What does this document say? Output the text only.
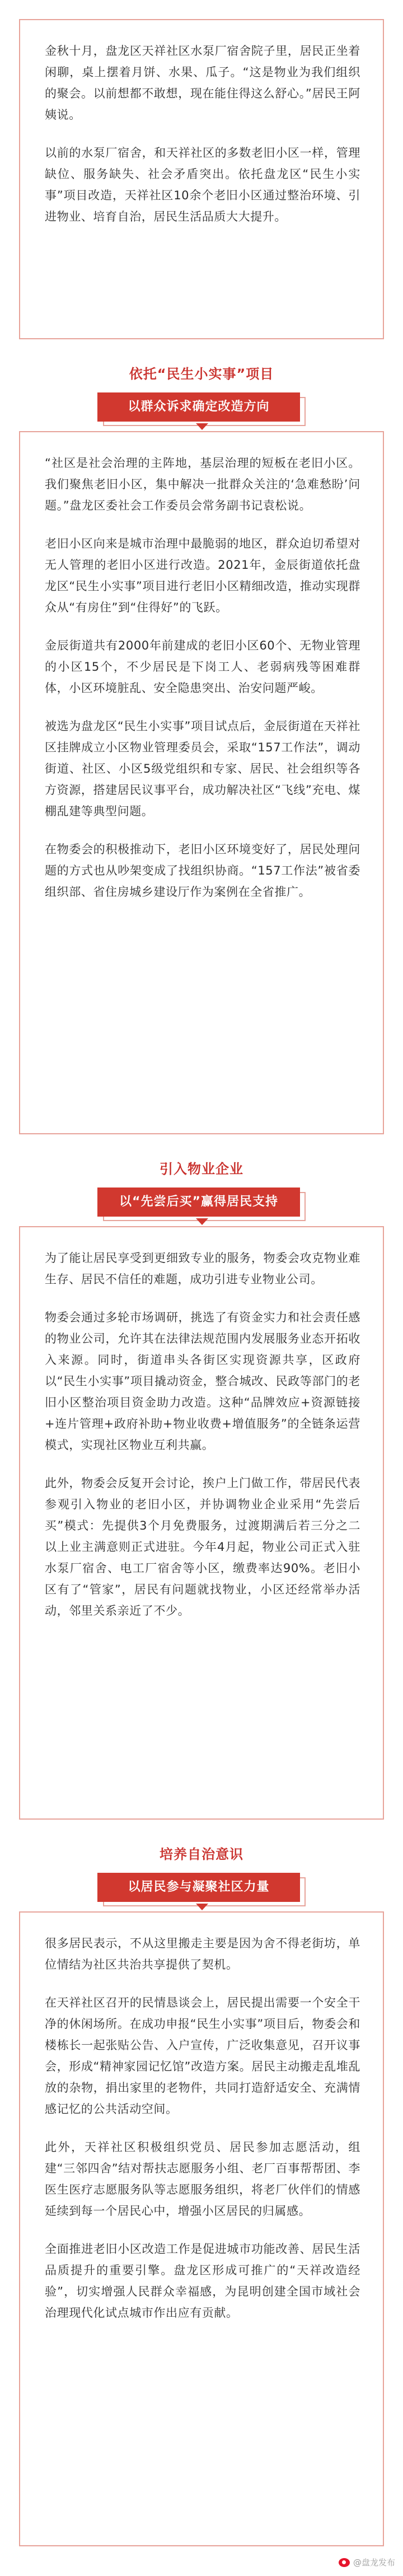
金秋十月，盘龙区天祥社区水泵厂宿舍院子里，居民正坐着闲聊，桌上摆着月饼、水果、瓜子。“这是物业为我们组织的聚会。以前想都不敢想，现在能住得这么舒心。”居民王阿姨说。

以前的水泵厂宿舍，和天祥社区的多数老旧小区一样，管理缺位、服务缺失、社会矛盾突出。依托盘龙区“民生小实事”项目改造，天祥社区10余个老旧小区通过整治环境、引进物业、培育自治，居民生活品质大大提升。

依托“民生小实事”项目
以群众诉求确定改造方向

“社区是社会治理的主阵地，基层治理的短板在老旧小区。我们聚焦老旧小区，集中解决一批群众关注的‘急难愁盼’问题。”盘龙区委社会工作委员会常务副书记袁松说。

老旧小区向来是城市治理中最脆弱的地区，群众迫切希望对无人管理的老旧小区进行改造。2021年，金辰街道依托盘龙区“民生小实事”项目进行老旧小区精细改造，推动实现群众从“有房住”到“住得好”的飞跃。

金辰街道共有2000年前建成的老旧小区60个、无物业管理的小区15个，不少居民是下岗工人、老弱病残等困难群体，小区环境脏乱、安全隐患突出、治安问题严峻。

被选为盘龙区“民生小实事”项目试点后，金辰街道在天祥社区挂牌成立小区物业管理委员会，采取“157工作法”，调动街道、社区、小区5级党组织和专家、居民、社会组织等各方资源，搭建居民议事平台，成功解决社区“飞线”充电、煤棚乱建等典型问题。

在物委会的积极推动下，老旧小区环境变好了，居民处理问题的方式也从吵架变成了找组织协商。“157工作法”被省委组织部、省住房城乡建设厅作为案例在全省推广。

引入物业企业
以“先尝后买”赢得居民支持

为了能让居民享受到更细致专业的服务，物委会攻克物业难生存、居民不信任的难题，成功引进专业物业公司。

物委会通过多轮市场调研，挑选了有资金实力和社会责任感的物业公司，允许其在法律法规范围内发展服务业态开拓收入来源。同时，街道串头各街区实现资源共享，区政府以“民生小实事”项目撬动资金，整合城改、民政等部门的老旧小区整治项目资金助力改造。这种“品牌效应+资源链接+连片管理+政府补助+物业收费+增值服务”的全链条运营模式，实现社区物业互利共赢。

此外，物委会反复开会讨论，挨户上门做工作，带居民代表参观引入物业的老旧小区，并协调物业企业采用“先尝后买”模式：先提供3个月免费服务，过渡期满后若三分之二以上业主满意则正式进驻。今年4月起，物业公司正式入驻水泵厂宿舍、电工厂宿舍等小区，缴费率达90%。老旧小区有了“管家”，居民有问题就找物业，小区还经常举办活动，邻里关系亲近了不少。

培养自治意识
以居民参与凝聚社区力量

很多居民表示，不从这里搬走主要是因为舍不得老街坊，单位情结为社区共治共享提供了契机。

在天祥社区召开的民情恳谈会上，居民提出需要一个安全干净的休闲场所。在成功申报“民生小实事”项目后，物委会和楼栋长一起张贴公告、入户宣传，广泛收集意见，召开议事会，形成“精神家园记忆馆”改造方案。居民主动搬走乱堆乱放的杂物，捐出家里的老物件，共同打造舒适安全、充满情感记忆的公共活动空间。

此外，天祥社区积极组织党员、居民参加志愿活动，组建“三邻四舍”结对帮扶志愿服务小组、老厂百事帮帮团、李医生医疗志愿服务队等志愿服务组织，将老厂伙伴们的情感延续到每一个居民心中，增强小区居民的归属感。

全面推进老旧小区改造工作是促进城市功能改善、居民生活品质提升的重要引擎。盘龙区形成可推广的“天祥改造经验”，切实增强人民群众幸福感，为昆明创建全国市域社会治理现代化试点城市作出应有贡献。

@盘龙发布
